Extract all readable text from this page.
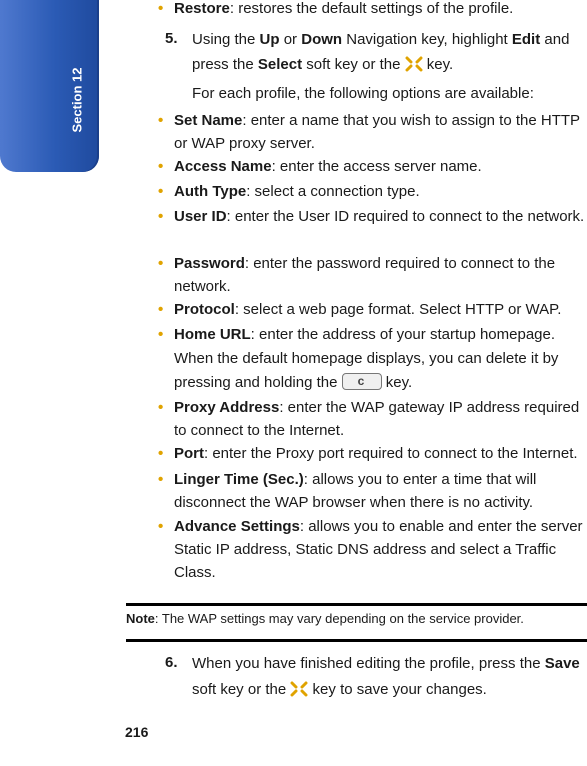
Section 12
• Restore: restores the default settings of the profile.
5. Using the Up or Down Navigation key, highlight Edit and press the Select soft key or the
key.
For each profile, the following options are available:
• Set Name: enter a name that you wish to assign to the HTTP or WAP proxy server.
• Access Name: enter the access server name.
• Auth Type: select a connection type.
• User ID: enter the User ID required to connect to the network.
• Password: enter the password required to connect to the network.
• Protocol: select a web page format. Select HTTP or WAP.
• Home URL: enter the address of your startup homepage. When the default homepage displays, you can delete it by pressing and holding the c key.
• Proxy Address: enter the WAP gateway IP address required to connect to the Internet.
• Port: enter the Proxy port required to connect to the Internet.
• Linger Time (Sec.): allows you to enter a time that will disconnect the WAP browser when there is no activity.
• Advance Settings: allows you to enable and enter the server Static IP address, Static DNS address and select a Traffic Class.
6. When you have finished editing the profile, press the Save soft key or the
key to save your changes.
Note: The WAP settings may vary depending on the service provider.
216
